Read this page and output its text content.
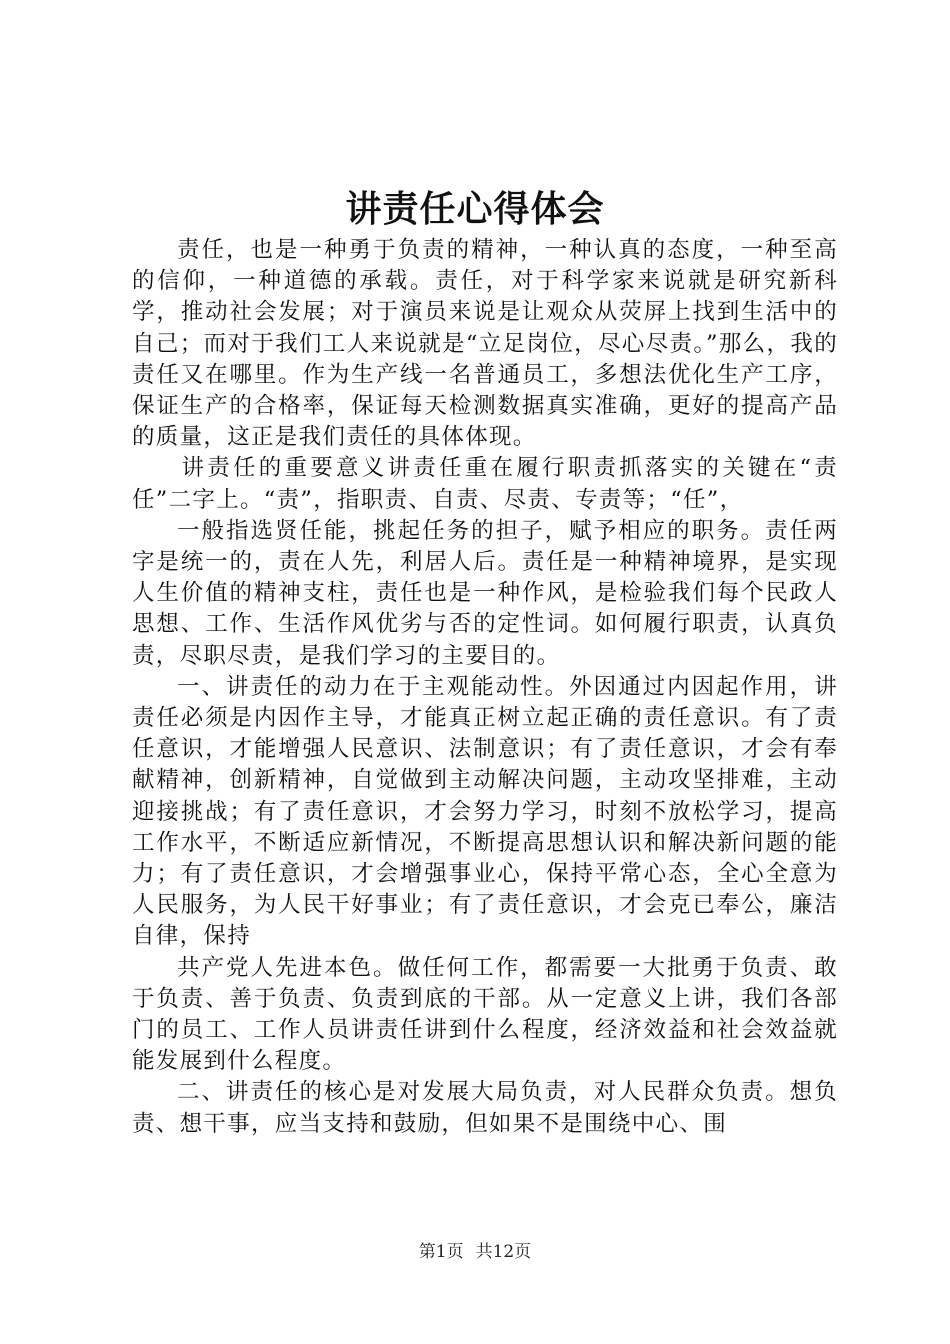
讲责任心得体会

责任，也是一种勇于负责的精神，一种认真的态度，一种至高的信仰，一种道德的承载。责任，对于科学家来说就是研究新科学，推动社会发展；对于演员来说是让观众从荧屏上找到生活中的自己；而对于我们工人来说就是“立足岗位，尽心尽责。”那么，我的责任又在哪里。作为生产线一名普通员工，多想法优化生产工序，保证生产的合格率，保证每天检测数据真实准确，更好的提高产品的质量，这正是我们责任的具体体现。

讲责任的重要意义讲责任重在履行职责抓落实的关键在“责任”二字上。“责”，指职责、自责、尽责、专责等；“任”，

一般指选贤任能，挑起任务的担子，赋予相应的职务。责任两字是统一的，责在人先，利居人后。责任是一种精神境界，是实现人生价值的精神支柱，责任也是一种作风，是检验我们每个民政人思想、工作、生活作风优劣与否的定性词。如何履行职责，认真负责，尽职尽责，是我们学习的主要目的。

一、讲责任的动力在于主观能动性。外因通过内因起作用，讲责任必须是内因作主导，才能真正树立起正确的责任意识。有了责任意识，才能增强人民意识、法制意识；有了责任意识，才会有奉献精神，创新精神，自觉做到主动解决问题，主动攻坚排难，主动迎接挑战；有了责任意识，才会努力学习，时刻不放松学习，提高工作水平，不断适应新情况，不断提高思想认识和解决新问题的能力；有了责任意识，才会增强事业心，保持平常心态，全心全意为人民服务，为人民干好事业；有了责任意识，才会克已奉公，廉洁自律，保持

共产党人先进本色。做任何工作，都需要一大批勇于负责、敢于负责、善于负责、负责到底的干部。从一定意义上讲，我们各部门的员工、工作人员讲责任讲到什么程度，经济效益和社会效益就能发展到什么程度。

二、讲责任的核心是对发展大局负责，对人民群众负责。想负责、想干事，应当支持和鼓励，但如果不是围绕中心、围

第1页 共12页
